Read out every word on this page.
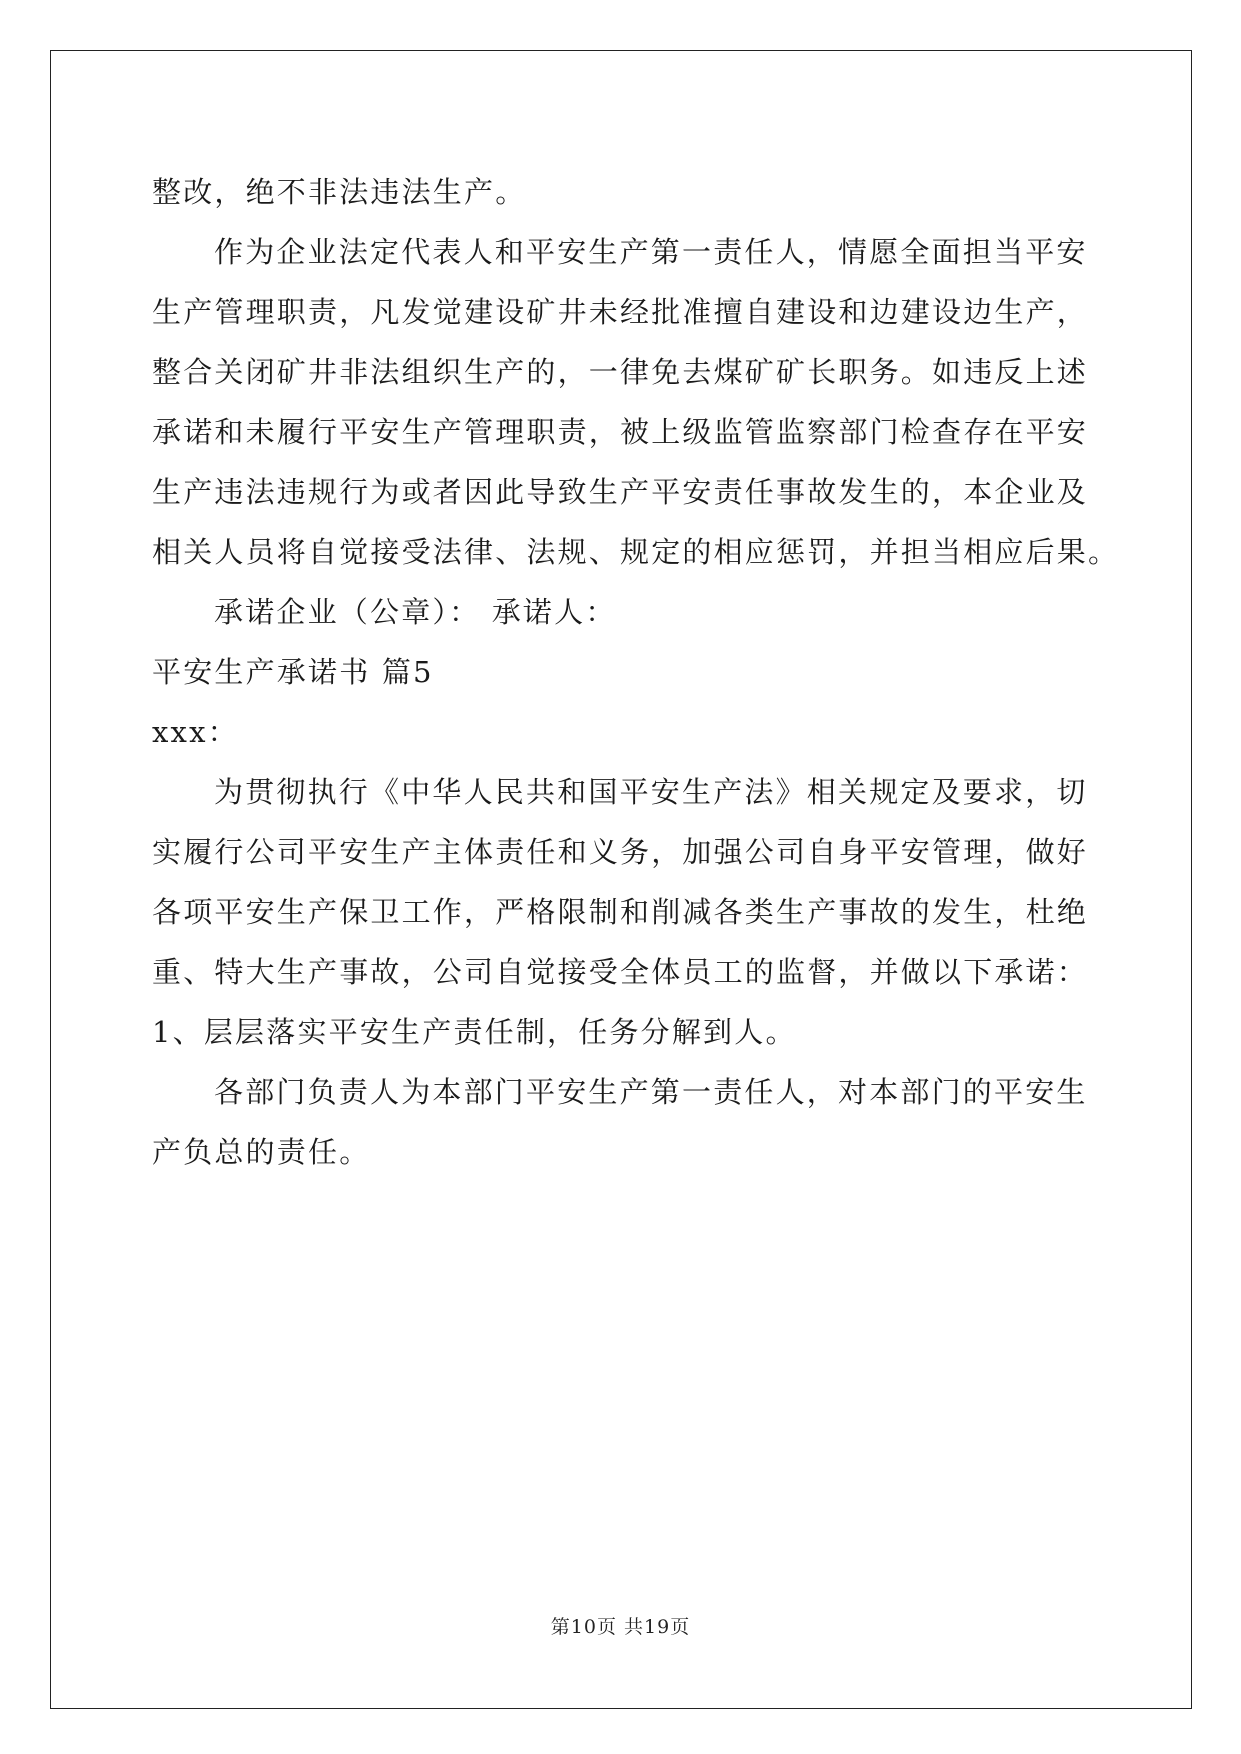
整改，绝不非法违法生产。
作为企业法定代表人和平安生产第一责任人，情愿全面担当平安
生产管理职责，凡发觉建设矿井未经批准擅自建设和边建设边生产，
整合关闭矿井非法组织生产的，一律免去煤矿矿长职务。如违反上述
承诺和未履行平安生产管理职责，被上级监管监察部门检查存在平安
生产违法违规行为或者因此导致生产平安责任事故发生的，本企业及
相关人员将自觉接受法律、法规、规定的相应惩罚，并担当相应后果。
承诺企业（公章）： 承诺人：
平安生产承诺书 篇5
xxx：
为贯彻执行《中华人民共和国平安生产法》相关规定及要求，切
实履行公司平安生产主体责任和义务，加强公司自身平安管理，做好
各项平安生产保卫工作，严格限制和削减各类生产事故的发生，杜绝
重、特大生产事故，公司自觉接受全体员工的监督，并做以下承诺：
1、层层落实平安生产责任制，任务分解到人。
各部门负责人为本部门平安生产第一责任人，对本部门的平安生
产负总的责任。
第10页 共19页
